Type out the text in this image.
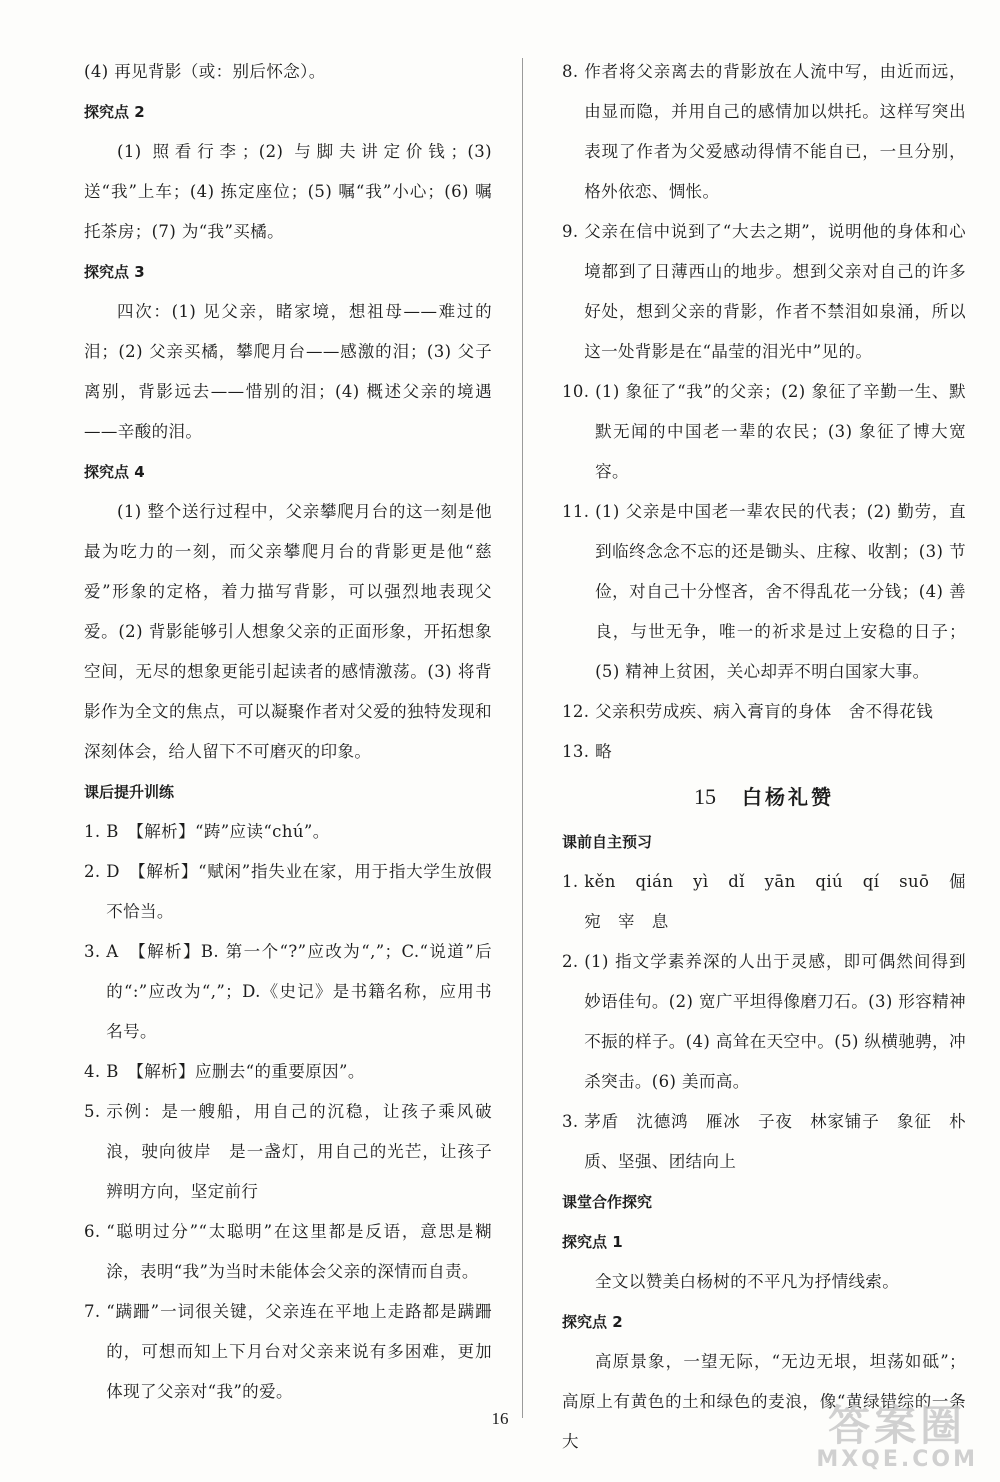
(4) 再见背影（或：别后怀念）。
探究点 2
(1) 照看行李；(2) 与脚夫讲定价钱；(3) 送“我”上车；(4) 拣定座位；(5) 嘱“我”小心；(6) 嘱托茶房；(7) 为“我”买橘。
探究点 3
四次：(1) 见父亲，睹家境，想祖母——难过的泪；(2) 父亲买橘，攀爬月台——感激的泪；(3) 父子离别，背影远去——惜别的泪；(4) 概述父亲的境遇——辛酸的泪。
探究点 4
(1) 整个送行过程中，父亲攀爬月台的这一刻是他最为吃力的一刻，而父亲攀爬月台的背影更是他“慈爱”形象的定格，着力描写背影，可以强烈地表现父爱。(2) 背影能够引人想象父亲的正面形象，开拓想象空间，无尽的想象更能引起读者的感情激荡。(3) 将背影作为全文的焦点，可以凝聚作者对父爱的独特发现和深刻体会，给人留下不可磨灭的印象。
课后提升训练
1. B　【解析】“踌”应读“chú”。
2. D　【解析】“赋闲”指失业在家，用于指大学生放假不恰当。
3. A　【解析】B. 第一个“?”应改为“,”；C.“说道”后的“:”应改为“,”；D.《史记》是书籍名称，应用书名号。
4. B　【解析】应删去“的重要原因”。
5. 示例：是一艘船，用自己的沉稳，让孩子乘风破浪，驶向彼岸　是一盏灯，用自己的光芒，让孩子辨明方向，坚定前行
6. “聪明过分”“太聪明”在这里都是反语，意思是糊涂，表明“我”为当时未能体会父亲的深情而自责。
7. “蹒跚”一词很关键，父亲连在平地上走路都是蹒跚的，可想而知上下月台对父亲来说有多困难，更加体现了父亲对“我”的爱。
8. 作者将父亲离去的背影放在人流中写，由近而远，由显而隐，并用自己的感情加以烘托。这样写突出表现了作者为父爱感动得情不能自已，一旦分别，格外依恋、惆怅。
9. 父亲在信中说到了“大去之期”，说明他的身体和心境都到了日薄西山的地步。想到父亲对自己的许多好处，想到父亲的背影，作者不禁泪如泉涌，所以这一处背影是在“晶莹的泪光中”见的。
10. (1) 象征了“我”的父亲；(2) 象征了辛勤一生、默默无闻的中国老一辈的农民；(3) 象征了博大宽容。
11. (1) 父亲是中国老一辈农民的代表；(2) 勤劳，直到临终念念不忘的还是锄头、庄稼、收割；(3) 节俭，对自己十分悭吝，舍不得乱花一分钱；(4) 善良，与世无争，唯一的祈求是过上安稳的日子；(5) 精神上贫困，关心却弄不明白国家大事。
12. 父亲积劳成疾、病入膏肓的身体　舍不得花钱
13. 略
15 白杨礼赞
课前自主预习
1. kěn　qián　yì　dǐ　yān　qiú　qí　suō　倔　宛　宰　息
2. (1) 指文学素养深的人出于灵感，即可偶然间得到妙语佳句。(2) 宽广平坦得像磨刀石。(3) 形容精神不振的样子。(4) 高耸在天空中。(5) 纵横驰骋，冲杀突击。(6) 美而高。
3. 茅盾　沈德鸿　雁冰　子夜　林家铺子　象征　朴质、坚强、团结向上
课堂合作探究
探究点 1
全文以赞美白杨树的不平凡为抒情线索。
探究点 2
高原景象，一望无际，“无边无垠，坦荡如砥”；高原上有黄色的土和绿色的麦浪，像“黄绿错综的一条大
16	答案圈
MXQE.COM
